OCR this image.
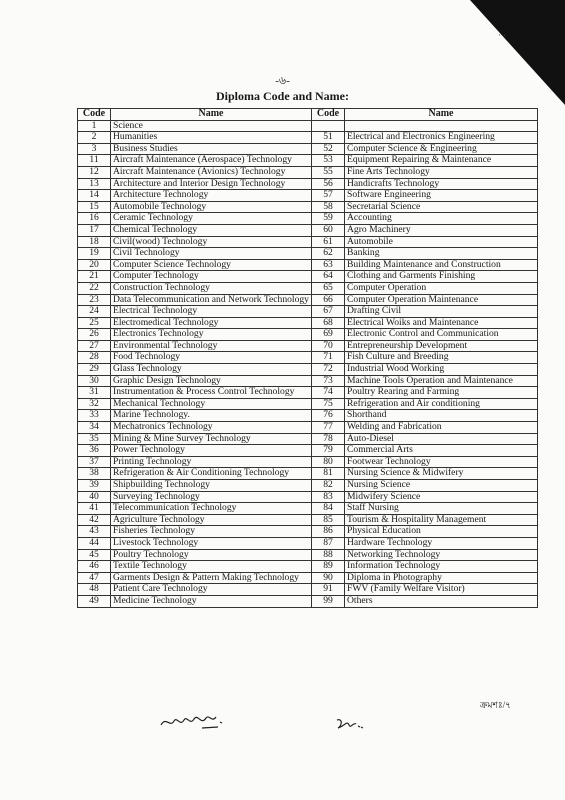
· ·
-৬-
Diploma Code and Name:
Code	Name	Code	Name
1	Science		
2	Humanities	51	Electrical and Electronics Engineering
3	Business Studies	52	Computer Science & Engineering
11	Aircraft Maintenance (Aerospace) Technology	53	Equipment Repairing & Maintenance
12	Aircraft Maintenance (Avionics) Technology	55	Fine Arts Technology
13	Architecture and Interior Design Technology	56	Handicrafts Technology
14	Architecture Technology	57	Software Engineering
15	Automobile Technology	58	Secretarial Science
16	Ceramic Technology	59	Accounting
17	Chemical Technology	60	Agro Machinery
18	Civil(wood) Technology	61	Automobile
19	Civil Technology	62	Banking
20	Computer Science Technology	63	Building Maintenance and Construction
21	Computer Technology	64	Clothing and Garments Finishing
22	Construction Technology	65	Computer Operation
23	Data Telecommunication and Network Technology	66	Computer Operation Maintenance
24	Electrical Technology	67	Drafting Civil
25	Electromedical Technology	68	Electrical Woiks and Maintenance
26	Electronics Technology	69	Electronic Control and Communication
27	Environmental Technology	70	Entrepreneurship Development
28	Food Technology	71	Fish Culture and Breeding
29	Glass Technology	72	Industrial Wood Working
30	Graphic Design Technology	73	Machine Tools Operation and Maintenance
31	Instrumentation & Process Control Technology	74	Poultry Rearing and Farming
32	Mechanical Technology	75	Refrigeration and Air conditioning
33	Marine Technology.	76	Shorthand
34	Mechatronics Technology	77	Welding and Fabrication
35	Mining & Mine Survey Technology	78	Auto-Diesel
36	Power Technology	79	Commercial Arts
37	Printing Technology	80	Footwear Technology
38	Refrigeration & Air Conditioning Technology	81	Nursing Science & Midwifery
39	Shipbuilding Technology	82	Nursing Science
40	Surveying Technology	83	Midwifery Science
41	Telecommunication Technology	84	Staff Nursing
42	Agriculture Technology	85	Tourism & Hospitality Management
43	Fisheries Technology	86	Physical Education
44	Livestock Technology	87	Hardware Technology
45	Poultry Technology	88	Networking Technology
46	Textile Technology	89	Information Technology
47	Garments Design & Pattern Making Technology	90	Diploma in Photography
48	Patient Care Technology	91	FWV (Family Welfare Visitor)
49	Medicine Technology	99	Others
ক্রমশঃ/৭
